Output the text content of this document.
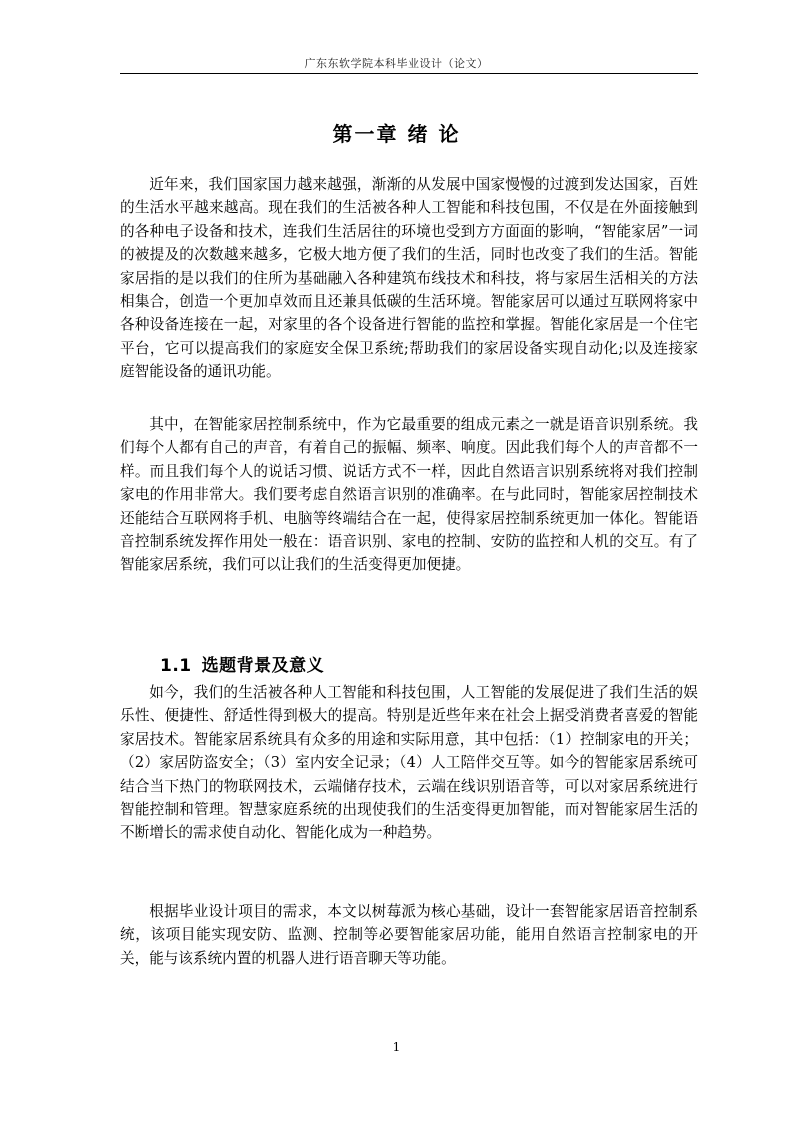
广东东软学院本科毕业设计（论文）
第一章 绪 论

近年来，我们国家国力越来越强，渐渐的从发展中国家慢慢的过渡到发达国家，百姓的生活水平越来越高。现在我们的生活被各种人工智能和科技包围，不仅是在外面接触到的各种电子设备和技术，连我们生活居往的环境也受到方方面面的影响，“智能家居”一词的被提及的次数越来越多，它极大地方便了我们的生活，同时也改变了我们的生活。智能家居指的是以我们的住所为基础融入各种建筑布线技术和科技，将与家居生活相关的方法相集合，创造一个更加卓效而且还兼具低碳的生活环境。智能家居可以通过互联网将家中各种设备连接在一起，对家里的各个设备进行智能的监控和掌握。智能化家居是一个住宅平台，它可以提高我们的家庭安全保卫系统;帮助我们的家居设备实现自动化;以及连接家庭智能设备的通讯功能。

其中，在智能家居控制系统中，作为它最重要的组成元素之一就是语音识别系统。我们每个人都有自己的声音，有着自己的振幅、频率、响度。因此我们每个人的声音都不一样。而且我们每个人的说话习惯、说话方式不一样，因此自然语言识别系统将对我们控制家电的作用非常大。我们要考虑自然语言识别的准确率。在与此同时，智能家居控制技术还能结合互联网将手机、电脑等终端结合在一起，使得家居控制系统更加一体化。智能语音控制系统发挥作用处一般在：语音识别、家电的控制、安防的监控和人机的交互。有了智能家居系统，我们可以让我们的生活变得更加便捷。

1.1 选题背景及意义

如今，我们的生活被各种人工智能和科技包围，人工智能的发展促进了我们生活的娱乐性、便捷性、舒适性得到极大的提高。特别是近些年来在社会上据受消费者喜爱的智能家居技术。智能家居系统具有众多的用途和实际用意，其中包括：（1）控制家电的开关；（2）家居防盗安全；（3）室内安全记录；（4）人工陪伴交互等。如今的智能家居系统可结合当下热门的物联网技术，云端储存技术，云端在线识别语音等，可以对家居系统进行智能控制和管理。智慧家庭系统的出现使我们的生活变得更加智能，而对智能家居生活的不断增长的需求使自动化、智能化成为一种趋势。

根据毕业设计项目的需求，本文以树莓派为核心基础，设计一套智能家居语音控制系统，该项目能实现安防、监测、控制等必要智能家居功能，能用自然语言控制家电的开关，能与该系统内置的机器人进行语音聊天等功能。

1
